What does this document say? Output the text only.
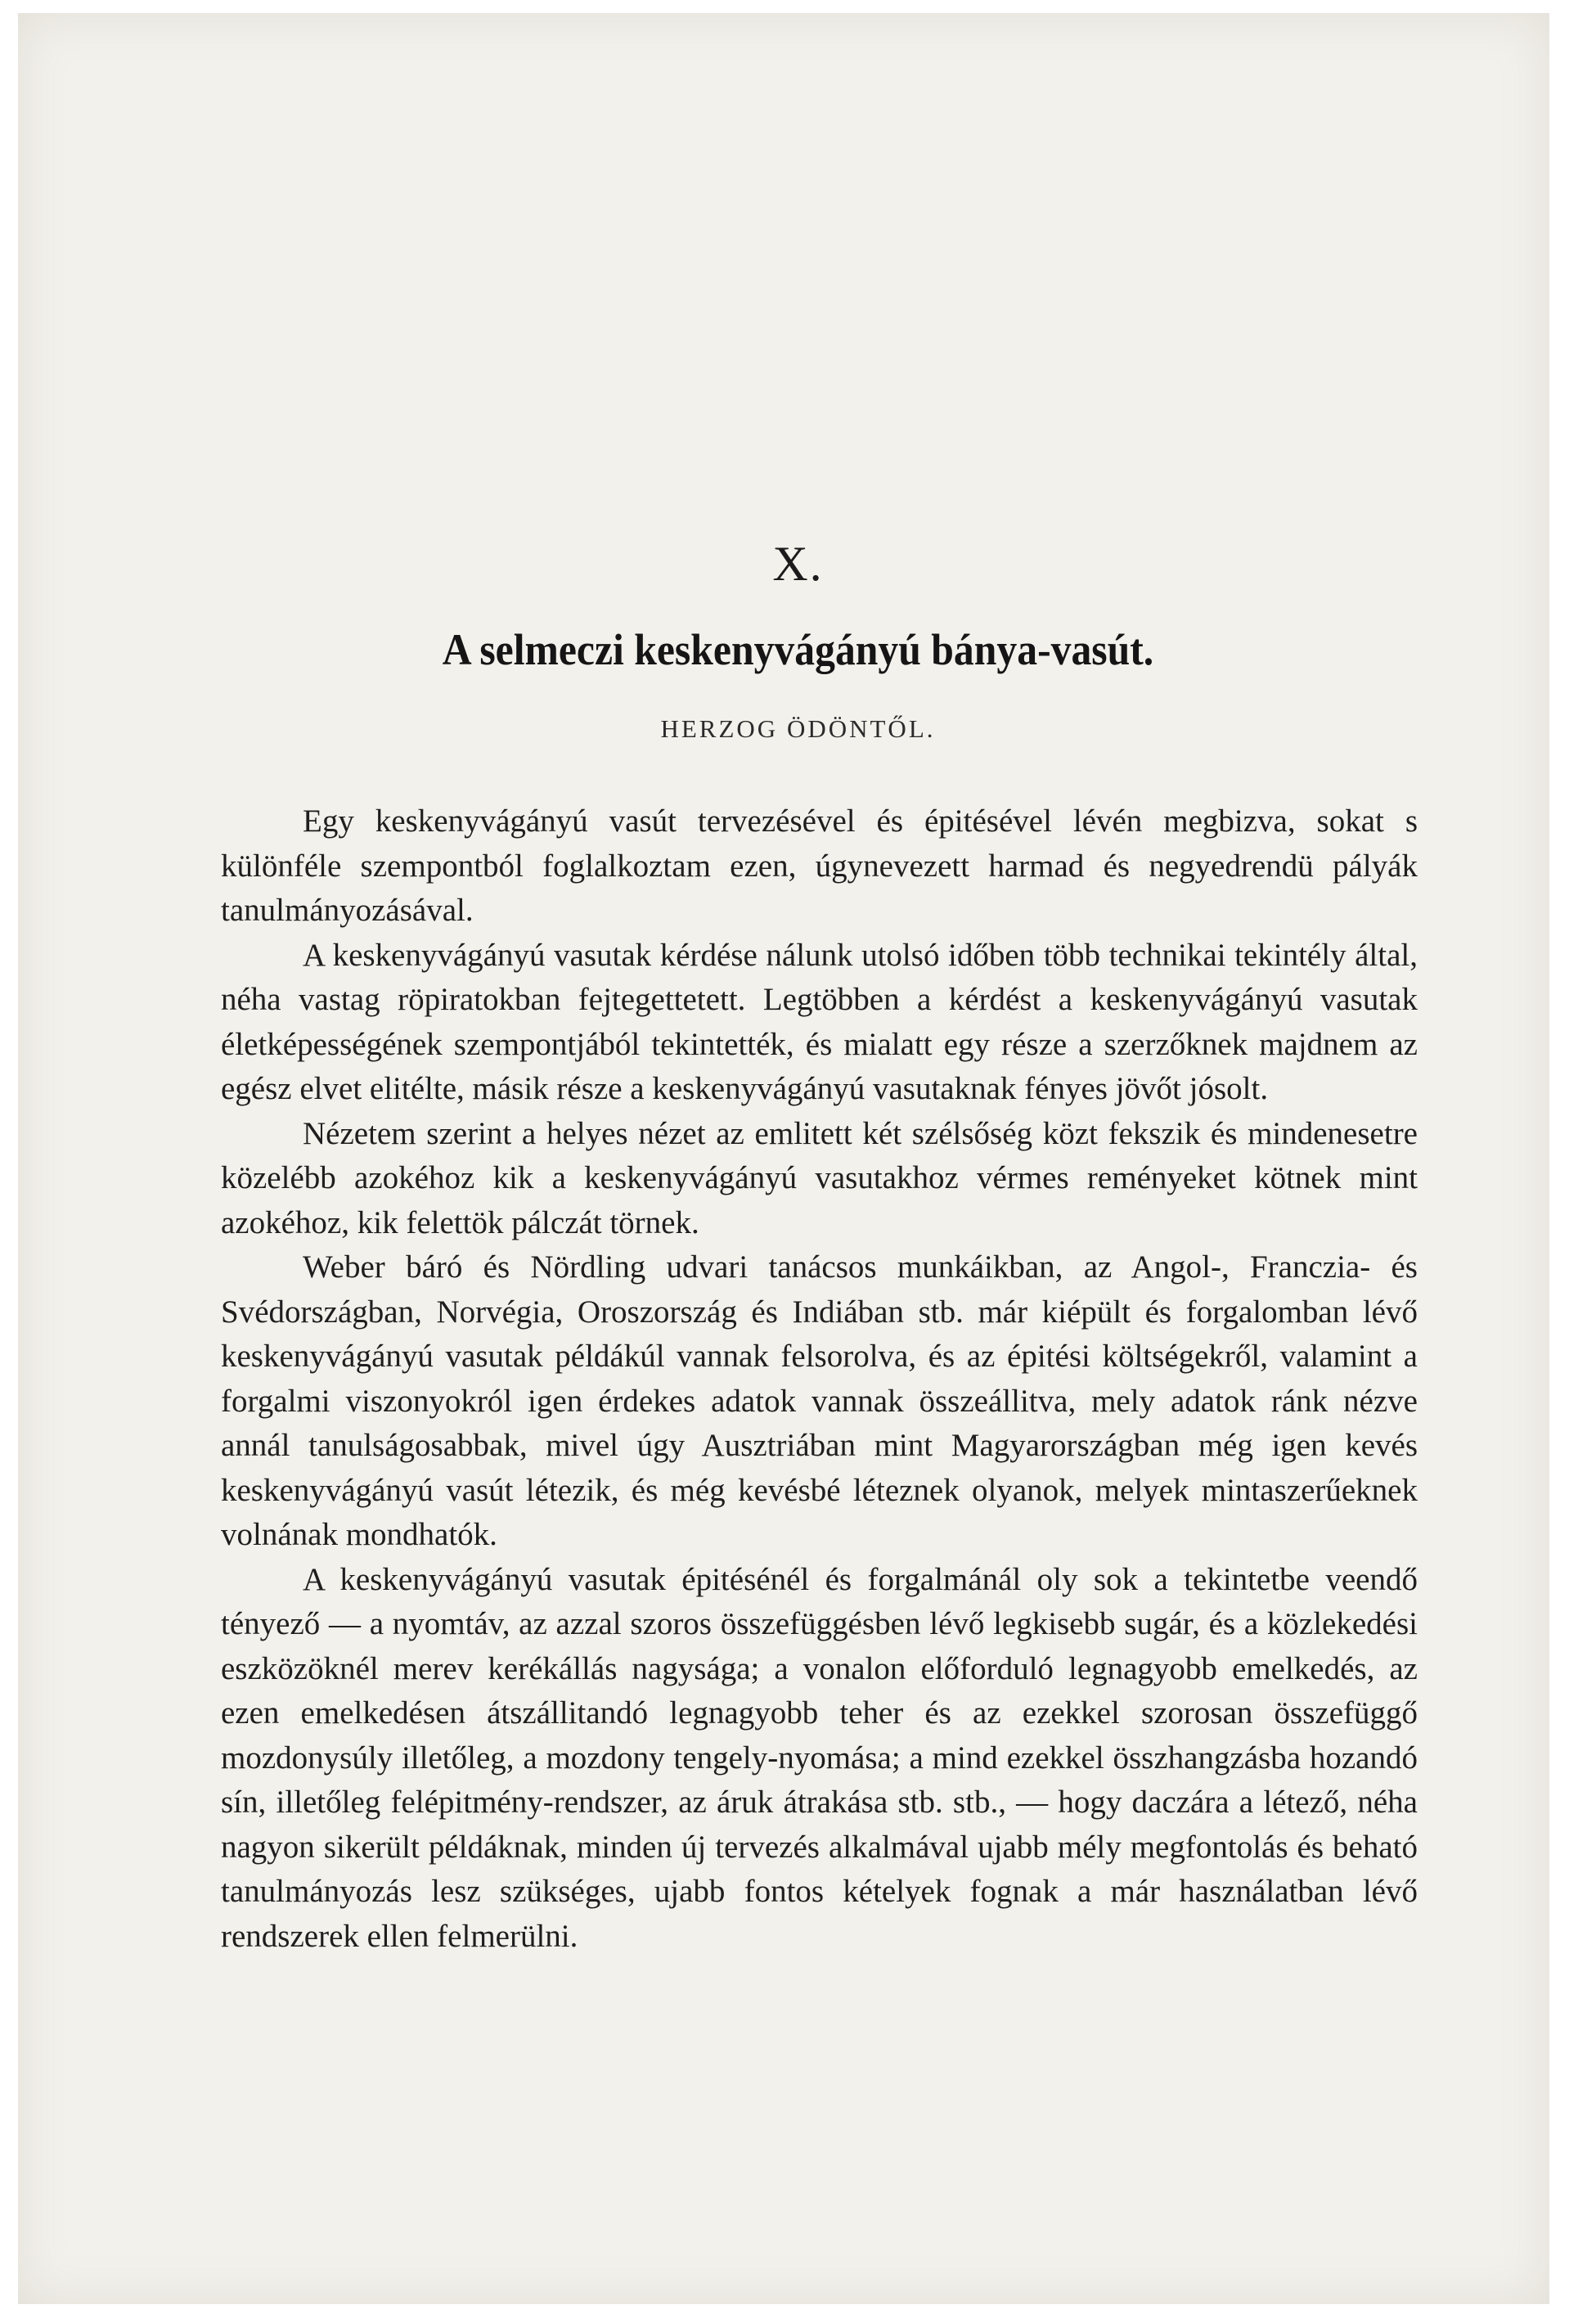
X.
A selmeczi keskenyvágányú bánya-vasút.
HERZOG ÖDÖNTŐL.

Egy keskenyvágányú vasút tervezésével és épitésével lévén megbizva, sokat s különféle szempontból foglalkoztam ezen, úgynevezett harmad és negyedrendü pályák tanulmányozásával.

A keskenyvágányú vasutak kérdése nálunk utolsó időben több technikai tekintély által, néha vastag röpiratokban fejtegettetett. Legtöbben a kérdést a keskenyvágányú vasutak életképességének szempontjából tekintették, és mialatt egy része a szerzőknek majdnem az egész elvet elitélte, másik része a keskenyvágányú vasutaknak fényes jövőt jósolt.

Nézetem szerint a helyes nézet az emlitett két szélsőség közt fekszik és mindenesetre közelébb azokéhoz kik a keskenyvágányú vasutakhoz vérmes reményeket kötnek mint azokéhoz, kik felettök pálczát törnek.

Weber báró és Nördling udvari tanácsos munkáikban, az Angol-, Franczia- és Svédországban, Norvégia, Oroszország és Indiában stb. már kiépült és forgalomban lévő keskenyvágányú vasutak példákúl vannak felsorolva, és az épitési költségekről, valamint a forgalmi viszonyokról igen érdekes adatok vannak összeállitva, mely adatok ránk nézve annál tanulságosabbak, mivel úgy Ausztriában mint Magyarországban még igen kevés keskenyvágányú vasút létezik, és még kevésbé léteznek olyanok, melyek mintaszerűeknek volnának mondhatók.

A keskenyvágányú vasutak épitésénél és forgalmánál oly sok a tekintetbe veendő tényező — a nyomtáv, az azzal szoros összefüggésben lévő legkisebb sugár, és a közlekedési eszközöknél merev kerékállás nagysága; a vonalon előforduló legnagyobb emelkedés, az ezen emelkedésen átszállitandó legnagyobb teher és az ezekkel szorosan összefüggő mozdonysúly illetőleg, a mozdony tengely-nyomása; a mind ezekkel összhangzásba hozandó sín, illetőleg felépitmény-rendszer, az áruk átrakása stb. stb., — hogy daczára a létező, néha nagyon sikerült példáknak, minden új tervezés alkalmával ujabb mély megfontolás és beható tanulmányozás lesz szükséges, ujabb fontos kételyek fognak a már használatban lévő rendszerek ellen felmerülni.
